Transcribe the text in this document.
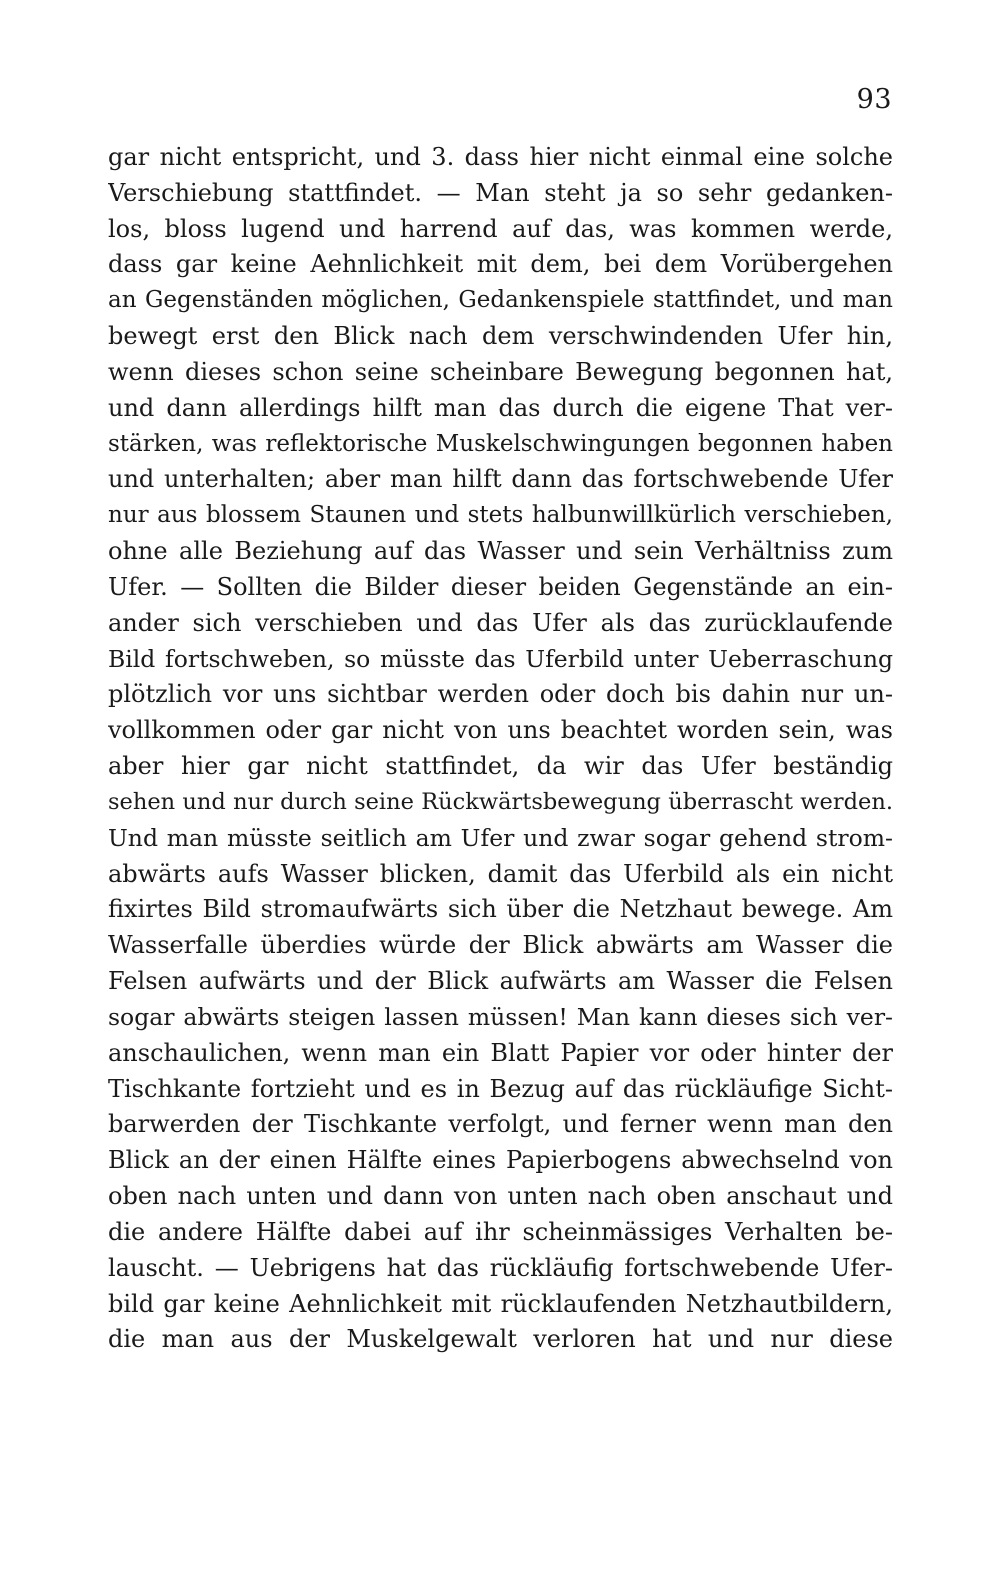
93
gar nicht entspricht, und 3. dass hier nicht einmal eine solche
Verschiebung stattfindet. — Man steht ja so sehr gedanken-
los, bloss lugend und harrend auf das, was kommen werde,
dass gar keine Aehnlichkeit mit dem, bei dem Vorübergehen
an Gegenständen möglichen, Gedankenspiele stattfindet, und man
bewegt erst den Blick nach dem verschwindenden Ufer hin,
wenn dieses schon seine scheinbare Bewegung begonnen hat,
und dann allerdings hilft man das durch die eigene That ver-
stärken, was reflektorische Muskelschwingungen begonnen haben
und unterhalten; aber man hilft dann das fortschwebende Ufer
nur aus blossem Staunen und stets halbunwillkürlich verschieben,
ohne alle Beziehung auf das Wasser und sein Verhältniss zum
Ufer. — Sollten die Bilder dieser beiden Gegenstände an ein-
ander sich verschieben und das Ufer als das zurücklaufende
Bild fortschweben, so müsste das Uferbild unter Ueberraschung
plötzlich vor uns sichtbar werden oder doch bis dahin nur un-
vollkommen oder gar nicht von uns beachtet worden sein, was
aber hier gar nicht stattfindet, da wir das Ufer beständig
sehen und nur durch seine Rückwärtsbewegung überrascht werden.
Und man müsste seitlich am Ufer und zwar sogar gehend strom-
abwärts aufs Wasser blicken, damit das Uferbild als ein nicht
fixirtes Bild stromaufwärts sich über die Netzhaut bewege. Am
Wasserfalle überdies würde der Blick abwärts am Wasser die
Felsen aufwärts und der Blick aufwärts am Wasser die Felsen
sogar abwärts steigen lassen müssen! Man kann dieses sich ver-
anschaulichen, wenn man ein Blatt Papier vor oder hinter der
Tischkante fortzieht und es in Bezug auf das rückläufige Sicht-
barwerden der Tischkante verfolgt, und ferner wenn man den
Blick an der einen Hälfte eines Papierbogens abwechselnd von
oben nach unten und dann von unten nach oben anschaut und
die andere Hälfte dabei auf ihr scheinmässiges Verhalten be-
lauscht. — Uebrigens hat das rückläufig fortschwebende Ufer-
bild gar keine Aehnlichkeit mit rücklaufenden Netzhautbildern,
die man aus der Muskelgewalt verloren hat und nur diese
